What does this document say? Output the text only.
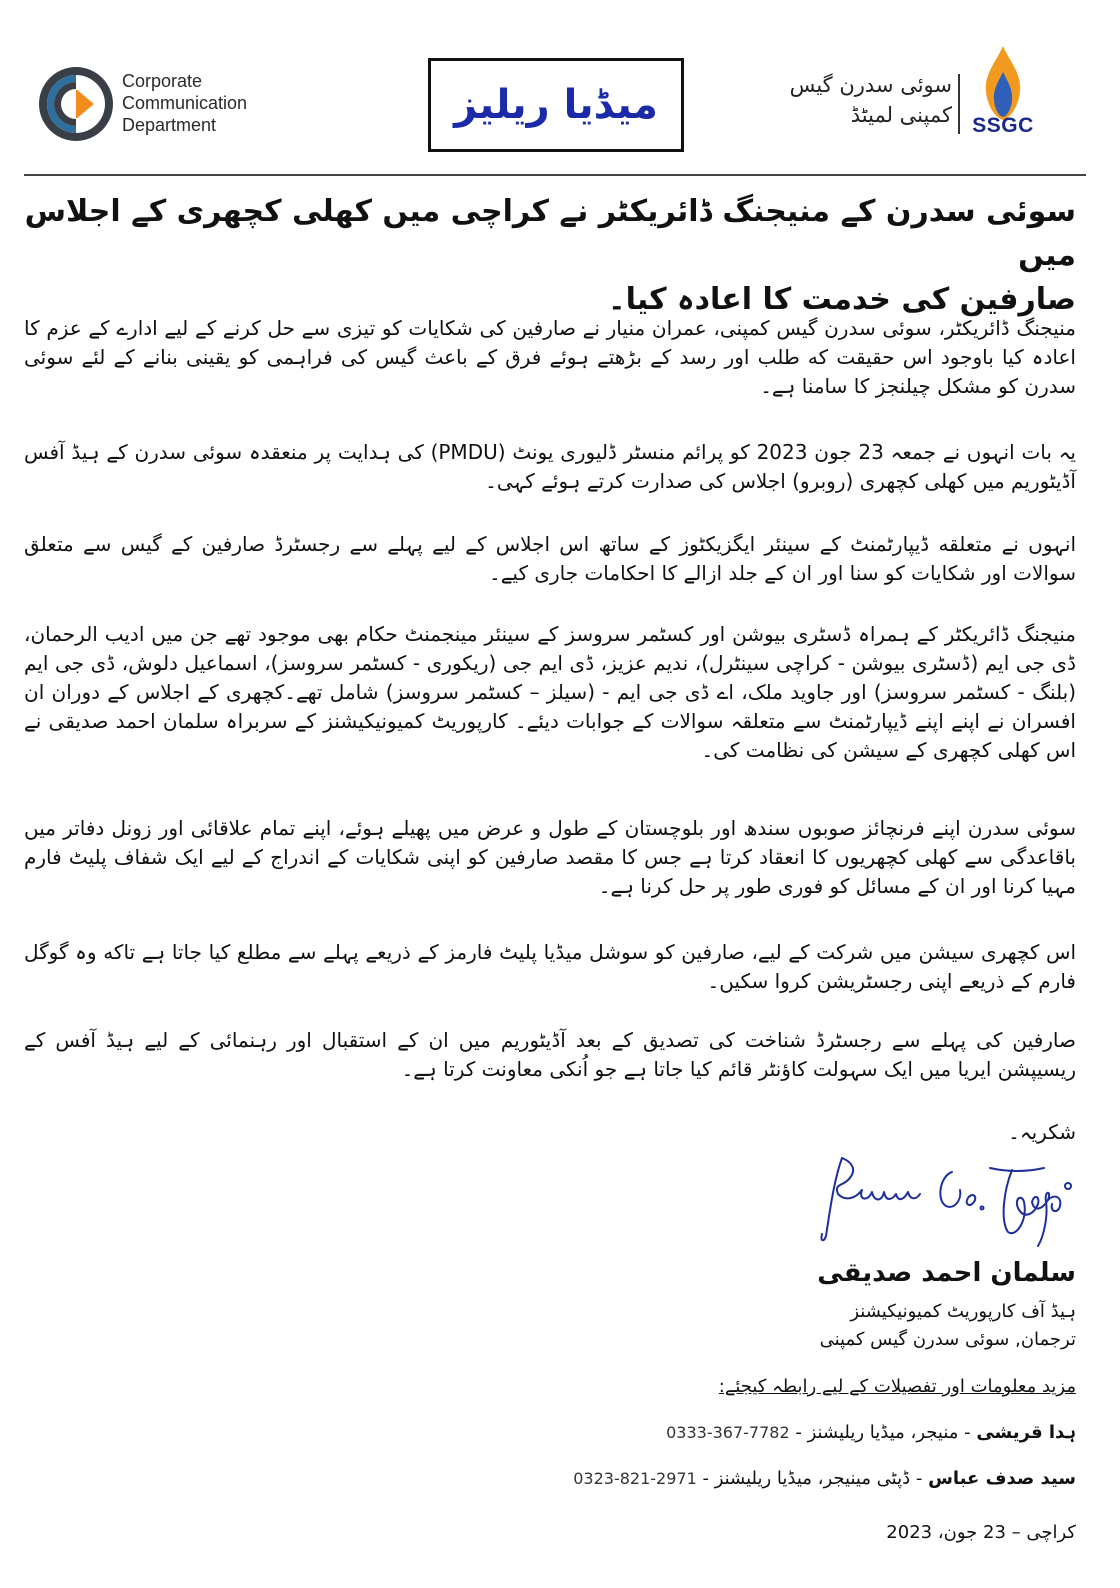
Corporate
Communication
Department	میڈیا ریلیز	سوئی سدرن گیس
کمپنی لمیٹڈ SSGC
سوئی سدرن کے منیجنگ ڈائریکٹر نے کراچی میں کھلی کچھری کے اجلاس میں
صارفین کی خدمت کا اعادہ کیا۔

منیجنگ ڈائریکٹر، سوئی سدرن گیس کمپنی، عمران منیار نے صارفین کی شکایات کو تیزی سے حل کرنے کے لیے ادارے کے عزم کا اعادہ کیا باوجود اس حقیقت که طلب اور رسد کے بڑھتے ہوئے فرق کے باعث گیس کی فراہمی کو یقینی بنانے کے لئے سوئی سدرن کو مشکل چیلنجز کا سامنا ہے۔

یہ بات انہوں نے جمعہ 23 جون 2023 کو پرائم منسٹر ڈلیوری یونٹ (PMDU) کی ہدایت پر منعقدہ سوئی سدرن کے ہیڈ آفس آڈیٹوریم میں کھلی کچھری (روبرو) اجلاس کی صدارت کرتے ہوئے کہی۔

انہوں نے متعلقه ڈیپارٹمنٹ کے سینئر ایگزیکٹوز کے ساتھ اس اجلاس کے لیے پہلے سے رجسٹرڈ صارفین کے گیس سے متعلق سوالات اور شکایات کو سنا اور ان کے جلد ازالے کا احکامات جاری کیے۔

منیجنگ ڈائریکٹر کے ہمراہ ڈسٹری بیوشن اور کسٹمر سروسز کے سینئر مینجمنٹ حکام بھی موجود تھے جن میں ادیب الرحمان، ڈی جی ایم (ڈسٹری بیوشن - کراچی سینٹرل)، ندیم عزیز، ڈی ایم جی (ریکوری - کسٹمر سروسز)، اسماعیل دلوش، ڈی جی ایم (بلنگ - کسٹمر سروسز) اور جاوید ملک، اے ڈی جی ایم - (سیلز – کسٹمر سروسز) شامل تھے۔کچھری کے اجلاس کے دوران ان افسران نے اپنے اپنے ڈیپارٹمنٹ سے متعلقہ سوالات کے جوابات دیئے۔ کارپوریٹ کمیونیکیشنز کے سربراہ سلمان احمد صدیقی نے اس کھلی کچھری کے سیشن کی نظامت کی۔

سوئی سدرن اپنے فرنچائز صوبوں سندھ اور بلوچستان کے طول و عرض میں پھیلے ہوئے، اپنے تمام علاقائی اور زونل دفاتر میں باقاعدگی سے کھلی کچھریوں کا انعقاد کرتا ہے جس کا مقصد صارفین کو اپنی شکایات کے اندراج کے لیے ایک شفاف پلیٹ فارم مہیا کرنا اور ان کے مسائل کو فوری طور پر حل کرنا ہے۔

اس کچھری سیشن میں شرکت کے لیے، صارفین کو سوشل میڈیا پلیٹ فارمز کے ذریعے پہلے سے مطلع کیا جاتا ہے تاکه وہ گوگل فارم کے ذریعے اپنی رجسٹریشن کروا سکیں۔

صارفین کی پہلے سے رجسٹرڈ شناخت کی تصدیق کے بعد آڈیٹوریم میں ان کے استقبال اور رہنمائی کے لیے ہیڈ آفس کے ریسیپشن ایریا میں ایک سہولت کاؤنٹر قائم کیا جاتا ہے جو اُنکی معاونت کرتا ہے۔

شکریہ۔
سلمان احمد صدیقی
ہیڈ آف کارپوریٹ کمیونیکیشنز
ترجمان, سوئی سدرن گیس کمپنی
مزید معلومات اور تفصیلات کے لیے رابطہ کیجئے:
ہدا قریشی - منیجر، میڈیا ریلیشنز - 0333-367-7782
سید صدف عباس - ڈپٹی مینیجر، میڈیا ریلیشنز - 0323-821-2971
کراچی – 23 جون، 2023
